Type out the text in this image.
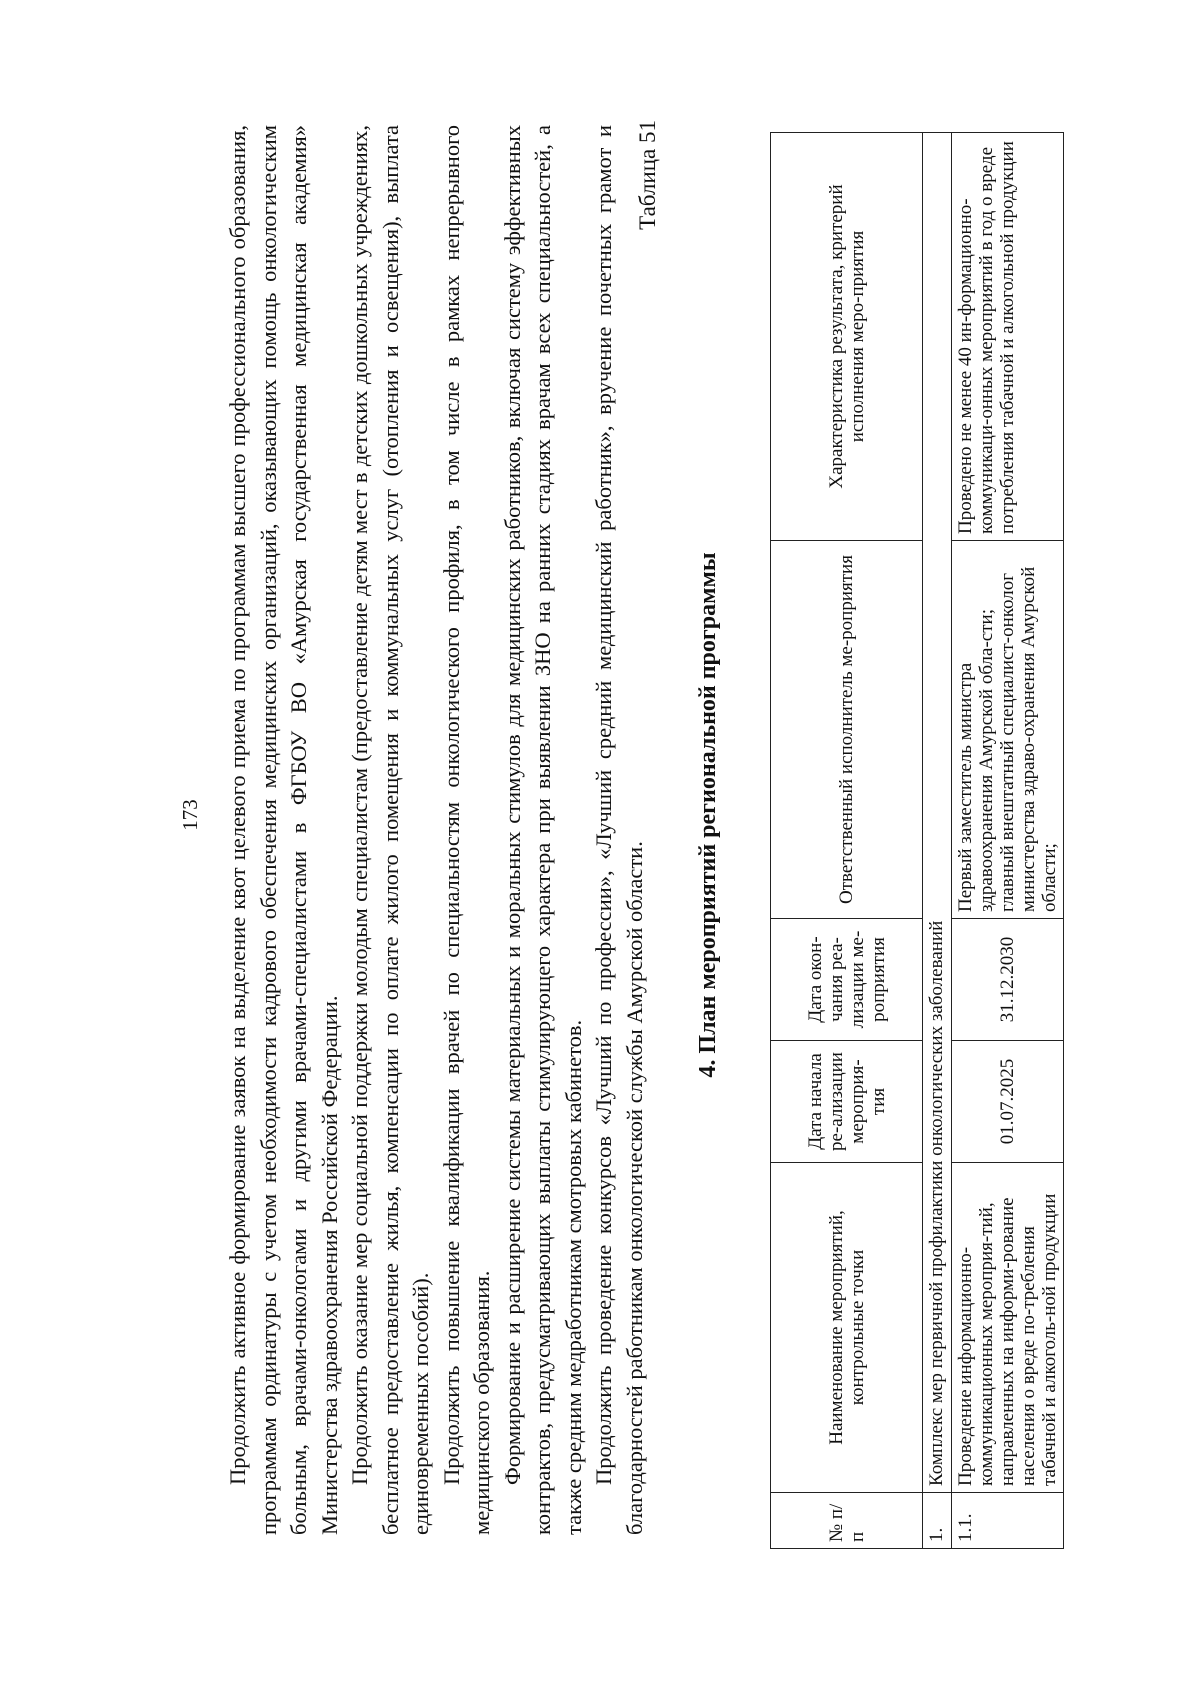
173 Продолжить активное формирование заявок на выделение квот целевого приема по программам высшего профессионального образования, программам ординатуры с учетом необходимости кадрового обеспечения медицинских организаций, оказывающих помощь онкологическим больным, врачами-онкологами и другими врачами-специалистами в ФГБОУ ВО «Амурская государственная медицинская академия» Министерства здравоохранения Российской Федерации. Продолжить оказание мер социальной поддержки молодым специалистам (предоставление детям мест в детских дошкольных учреждениях, бесплатное предоставление жилья, компенсации по оплате жилого помещения и коммунальных услуг (отопления и освещения), выплата единовременных пособий). Продолжить повышение квалификации врачей по специальностям онкологического профиля, в том числе в рамках непрерывного медицинского образования. Формирование и расширение системы материальных и моральных стимулов для медицинских работников, включая систему эффективных контрактов, предусматривающих выплаты стимулирующего характера при выявлении ЗНО на ранних стадиях врачам всех специальностей, а также средним медработникам смотровых кабинетов. Продолжить проведение конкурсов «Лучший по профессии», «Лучший средний медицинский работник», вручение почетных грамот и благодарностей работникам онкологической службы Амурской области.

Таблица 51
4. План мероприятий региональной программы
№ п/п	Наименование мероприятий, контрольные точки	Дата начала ре-ализации мероприя-тия	Дата окон-чания реа-лизации ме-роприятия	Ответственный исполнитель ме-роприятия	Характеристика результата, критерий исполнения меро-приятия
1.	Комплекс мер первичной профилактики онкологических заболеваний				
1.1.	Проведение информационно-коммуникационных мероприя-тий, направленных на информи-рование населения о вреде по-требления табачной и алкоголь-ной продукции	01.07.2025	31.12.2030	Первый заместитель министра здравоохранения Амурской обла-сти; главный внештатный специалист-онколог министерства здраво-охранения Амурской области;	Проведено не менее 40 ин-формационно-коммуникаци-онных мероприятий в год о вреде потребления табачной и алкогольной продукции
